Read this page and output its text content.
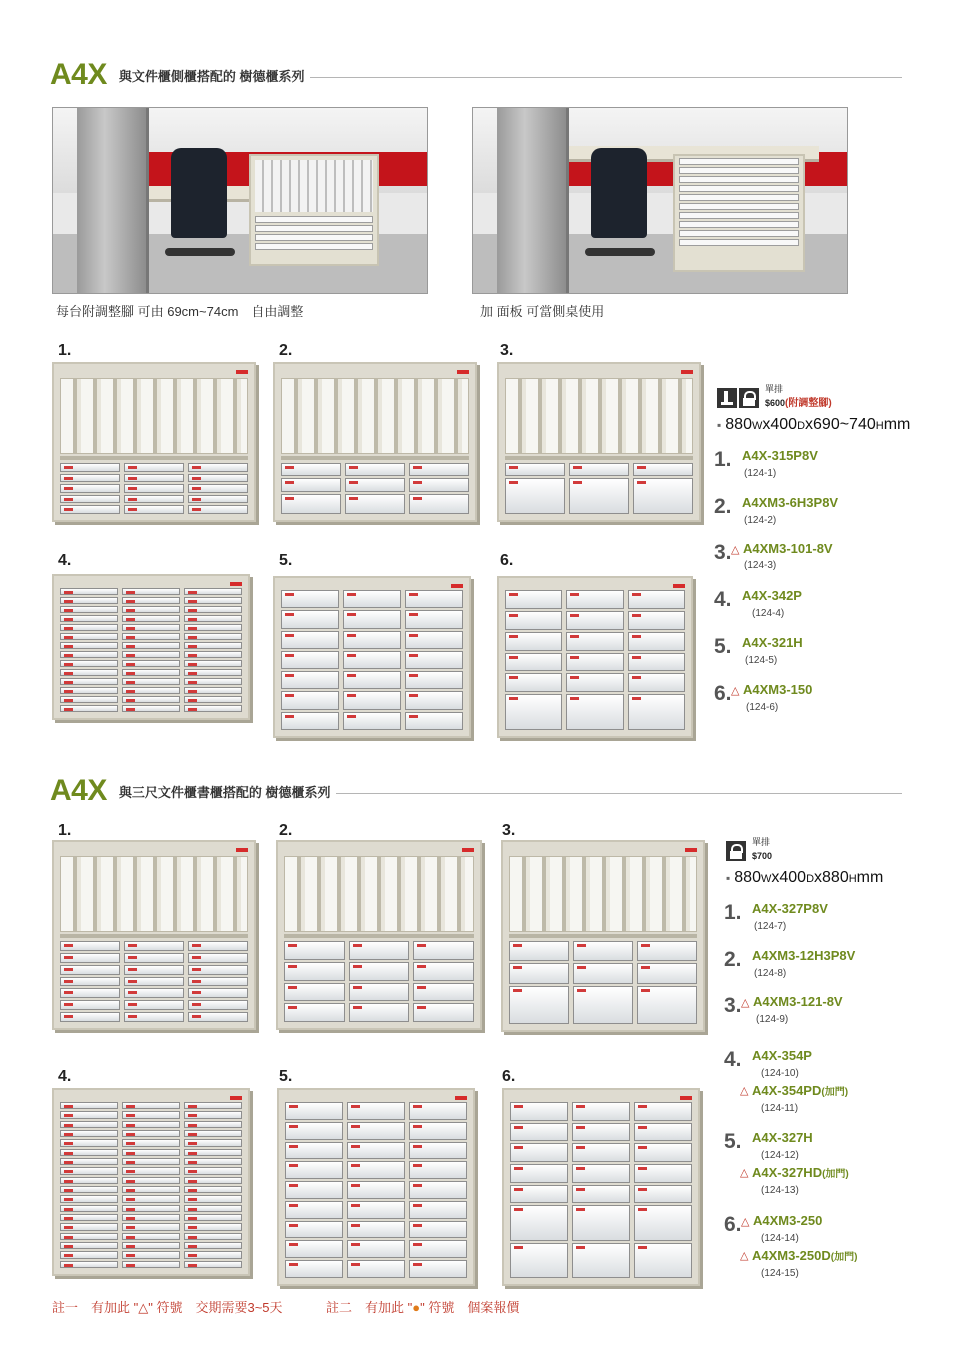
A4X 與文件櫃側櫃搭配的 樹德櫃系列
每台附調整腳 可由 69cm~74cm　自由調整	加 面板 可當側桌使用
1.	2.	3.
4.	5.	6.
單排
$600(附調整腳)
▪ 880Wx400Dx690~740Hmm
1. A4X-315P8V
(124-1)
2. A4XM3-6H3P8V
(124-2)
3. △ A4XM3-101-8V
(124-3)
4. A4X-342P
(124-4)
5. A4X-321H
(124-5)
6. △ A4XM3-150
(124-6)
A4X 與三尺文件櫃書櫃搭配的 樹德櫃系列
1.	2.	3.
4.	5.	6.
單排
$700
▪ 880Wx400Dx880Hmm
1. A4X-327P8V
(124-7)
2. A4XM3-12H3P8V
(124-8)
3. △ A4XM3-121-8V
(124-9)
4. A4X-354P
(124-10)
△ A4X-354PD(加門)
(124-11)
5. A4X-327H
(124-12)
△ A4X-327HD(加門)
(124-13)
6. △ A4XM3-250
(124-14)
△ A4XM3-250D(加門)
(124-15)
註一　有加此 "△" 符號　交期需要3~5天	註二　有加此 "●" 符號　個案報價
